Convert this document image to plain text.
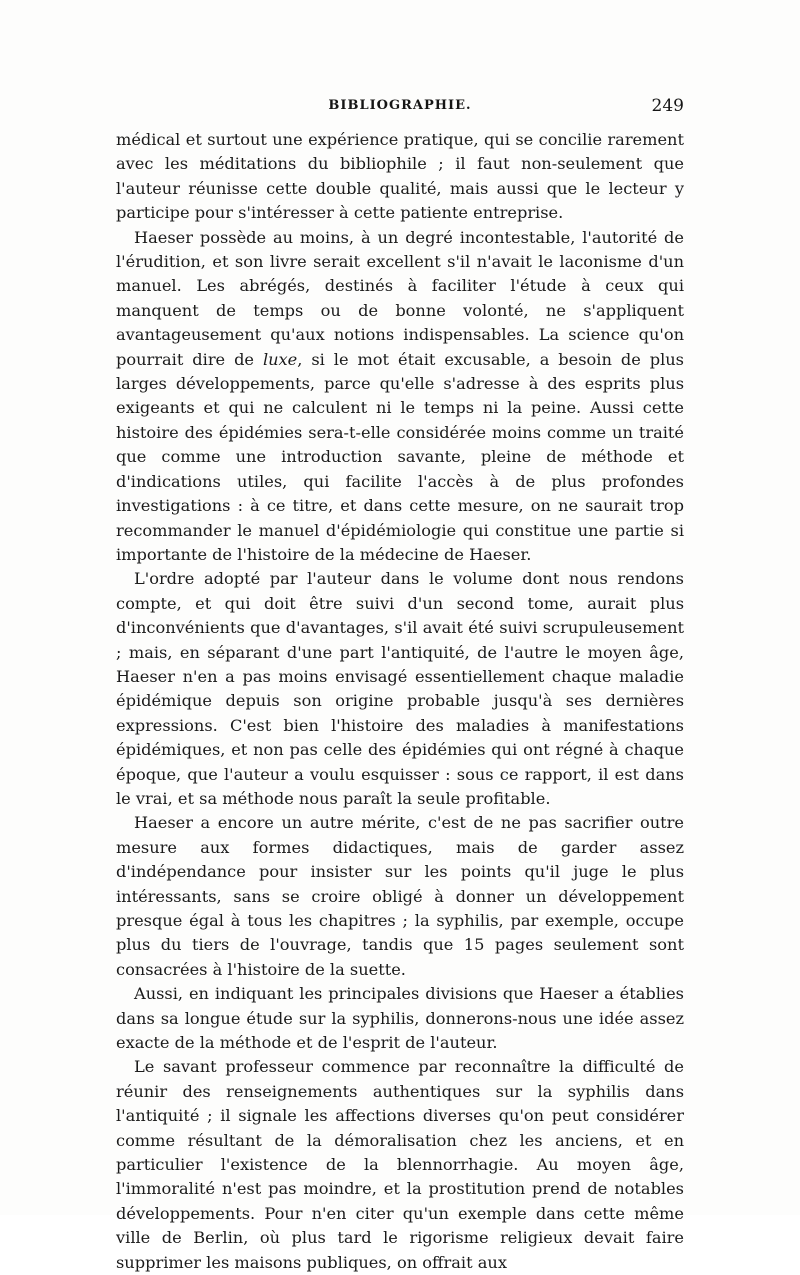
BIBLIOGRAPHIE.	249

médical et surtout une expérience pratique, qui se concilie rarement avec les méditations du bibliophile ; il faut non-seulement que l'auteur réunisse cette double qualité, mais aussi que le lecteur y participe pour s'intéresser à cette patiente entreprise.

Haeser possède au moins, à un degré incontestable, l'autorité de l'érudition, et son livre serait excellent s'il n'avait le laconisme d'un manuel. Les abrégés, destinés à faciliter l'étude à ceux qui manquent de temps ou de bonne volonté, ne s'appliquent avantageusement qu'aux notions indispensables. La science qu'on pourrait dire de luxe, si le mot était excusable, a besoin de plus larges développements, parce qu'elle s'adresse à des esprits plus exigeants et qui ne calculent ni le temps ni la peine. Aussi cette histoire des épidémies sera-t-elle considérée moins comme un traité que comme une introduction savante, pleine de méthode et d'indications utiles, qui facilite l'accès à de plus profondes investigations : à ce titre, et dans cette mesure, on ne saurait trop recommander le manuel d'épidémiologie qui constitue une partie si importante de l'histoire de la médecine de Haeser.

L'ordre adopté par l'auteur dans le volume dont nous rendons compte, et qui doit être suivi d'un second tome, aurait plus d'inconvénients que d'avantages, s'il avait été suivi scrupuleusement ; mais, en séparant d'une part l'antiquité, de l'autre le moyen âge, Haeser n'en a pas moins envisagé essentiellement chaque maladie épidémique depuis son origine probable jusqu'à ses dernières expressions. C'est bien l'histoire des maladies à manifestations épidémiques, et non pas celle des épidémies qui ont régné à chaque époque, que l'auteur a voulu esquisser : sous ce rapport, il est dans le vrai, et sa méthode nous paraît la seule profitable.

Haeser a encore un autre mérite, c'est de ne pas sacrifier outre mesure aux formes didactiques, mais de garder assez d'indépendance pour insister sur les points qu'il juge le plus intéressants, sans se croire obligé à donner un développement presque égal à tous les chapitres ; la syphilis, par exemple, occupe plus du tiers de l'ouvrage, tandis que 15 pages seulement sont consacrées à l'histoire de la suette.

Aussi, en indiquant les principales divisions que Haeser a établies dans sa longue étude sur la syphilis, donnerons-nous une idée assez exacte de la méthode et de l'esprit de l'auteur.

Le savant professeur commence par reconnaître la difficulté de réunir des renseignements authentiques sur la syphilis dans l'antiquité ; il signale les affections diverses qu'on peut considérer comme résultant de la démoralisation chez les anciens, et en particulier l'existence de la blennorrhagie. Au moyen âge, l'immoralité n'est pas moindre, et la prostitution prend de notables développements. Pour n'en citer qu'un exemple dans cette même ville de Berlin, où plus tard le rigorisme religieux devait faire supprimer les maisons publiques, on offrait aux
